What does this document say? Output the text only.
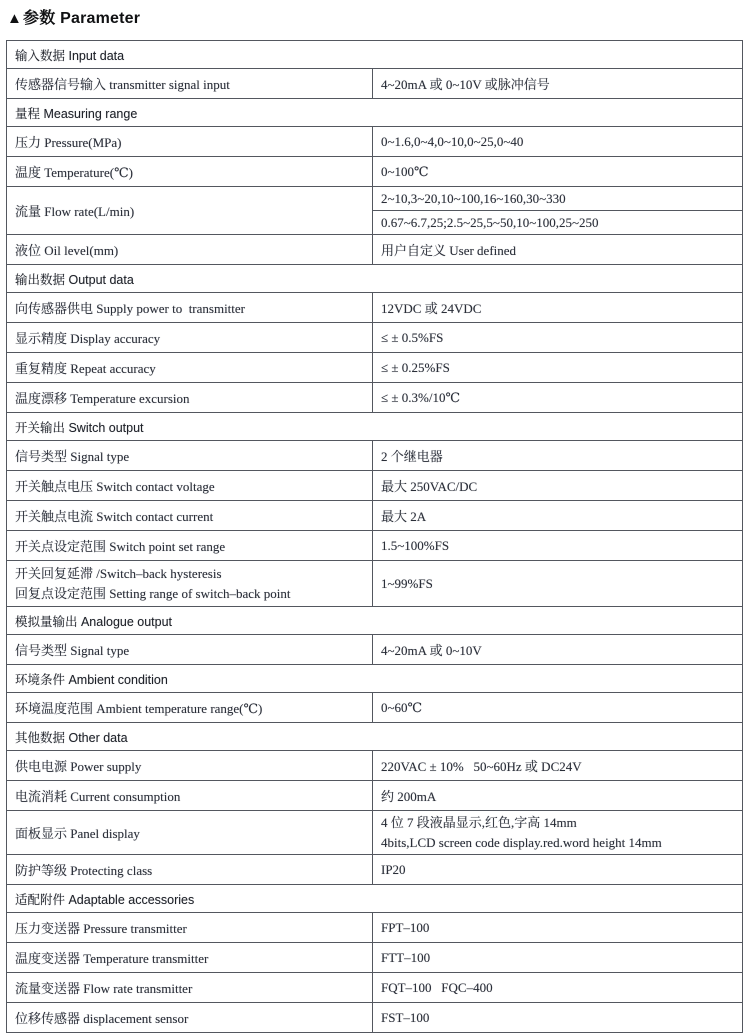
▲参数 Parameter
输入数据 Input data	
传感器信号输入 transmitter signal input	4~20mA 或 0~10V 或脉冲信号
量程 Measuring range	
压力 Pressure(MPa)	0~1.6,0~4,0~10,0~25,0~40
温度 Temperature(℃)	0~100℃
流量 Flow rate(L/min)	2~10,3~20,10~100,16~160,30~330
	0.67~6.7,25;2.5~25,5~50,10~100,25~250
液位 Oil level(mm)	用户自定义 User defined
输出数据 Output data	
向传感器供电 Supply power to  transmitter	12VDC 或 24VDC
显示精度 Display accuracy	≤ ± 0.5%FS
重复精度 Repeat accuracy	≤ ± 0.25%FS
温度漂移 Temperature excursion	≤ ± 0.3%/10℃
开关输出 Switch output	
信号类型 Signal type	2 个继电器
开关触点电压 Switch contact voltage	最大 250VAC/DC
开关触点电流 Switch contact current	最大 2A
开关点设定范围 Switch point set range	1.5~100%FS

开关回复延滞 /Switch–back hysteresis
回复点设定范围 Setting range of switch–back point	1~99%FS
模拟量输出 Analogue output	
信号类型 Signal type	4~20mA 或 0~10V
环境条件 Ambient condition	
环境温度范围 Ambient temperature range(℃)	0~60℃
其他数据 Other data	
供电电源 Power supply	220VAC ± 10%   50~60Hz 或 DC24V
电流消耗 Current consumption	约 200mA
面板显示 Panel display	4 位 7 段液晶显示,红色,字高 14mm
4bits,LCD screen code display.red.word height 14mm

防护等级 Protecting class	IP20
适配附件 Adaptable accessories	
压力变送器 Pressure transmitter	FPT–100
温度变送器 Temperature transmitter	FTT–100
流量变送器 Flow rate transmitter	FQT–100   FQC–400
位移传感器 displacement sensor	FST–100
